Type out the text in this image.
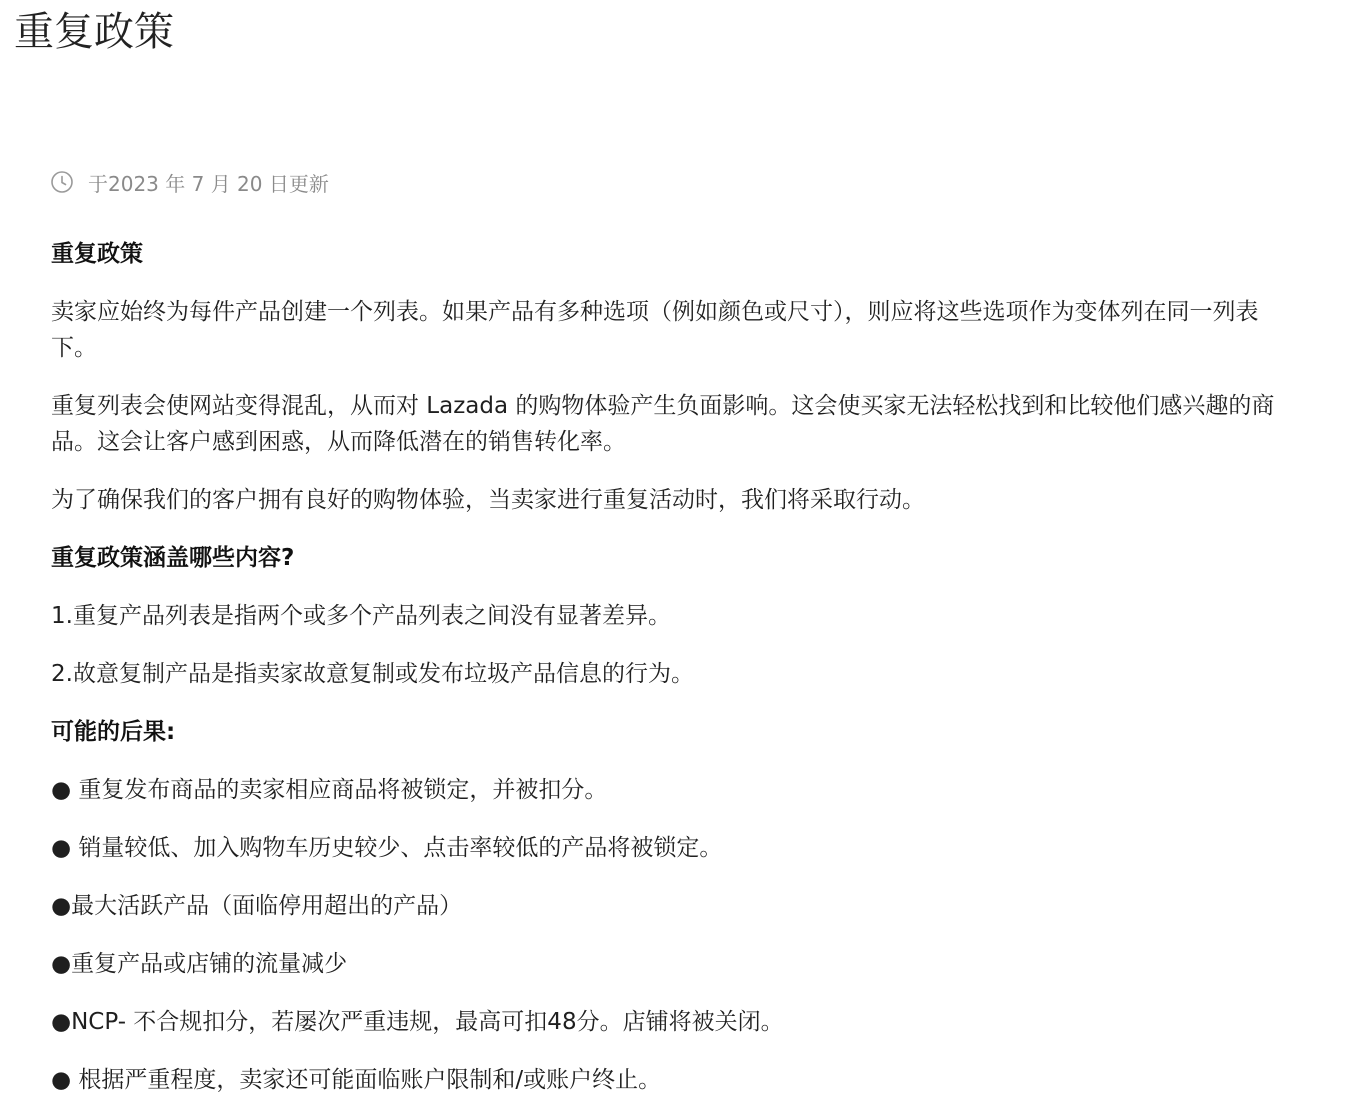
重复政策
于2023 年 7 月 20 日更新
重复政策

卖家应始终为每件产品创建一个列表。如果产品有多种选项（例如颜色或尺寸），则应将这些选项作为变体列在同一列表下。

重复列表会使网站变得混乱，从而对 Lazada 的购物体验产生负面影响。这会使买家无法轻松找到和比较他们感兴趣的商品。这会让客户感到困惑，从而降低潜在的销售转化率。

为了确保我们的客户拥有良好的购物体验，当卖家进行重复活动时，我们将采取行动。

重复政策涵盖哪些内容?

1.重复产品列表是指两个或多个产品列表之间没有显著差异。

2.故意复制产品是指卖家故意复制或发布垃圾产品信息的行为。

可能的后果:

● 重复发布商品的卖家相应商品将被锁定，并被扣分。

● 销量较低、加入购物车历史较少、点击率较低的产品将被锁定。

●最大活跃产品（面临停用超出的产品）

●重复产品或店铺的流量减少

●NCP- 不合规扣分，若屡次严重违规，最高可扣48分。店铺将被关闭。

● 根据严重程度，卖家还可能面临账户限制和/或账户终止。
